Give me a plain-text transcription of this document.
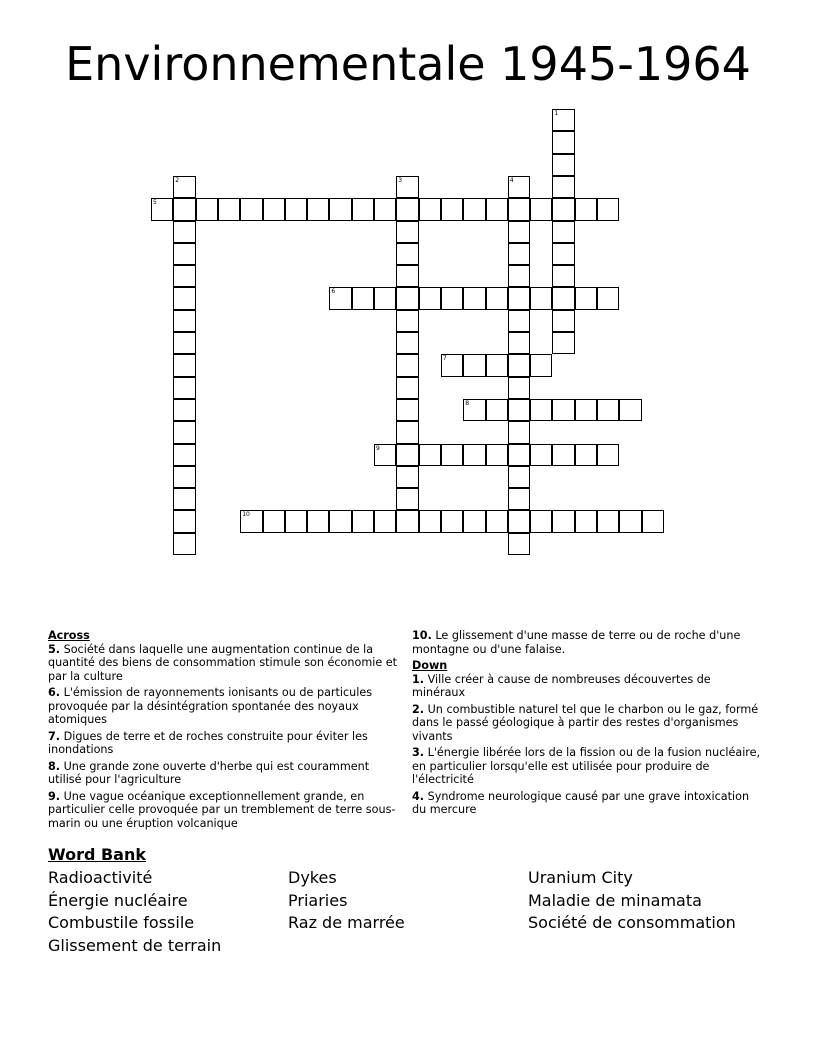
Environnementale 1945-1964
1
2	3	4
5
6
7
8
9
10
Across
5. Société dans laquelle une augmentation continue de la quantité des biens de consommation stimule son économie et par la culture
6. L'émission de rayonnements ionisants ou de particules provoquée par la désintégration spontanée des noyaux atomiques
7. Digues de terre et de roches construite pour éviter les inondations
8. Une grande zone ouverte d'herbe qui est couramment utilisé pour l'agriculture
9. Une vague océanique exceptionnellement grande, en particulier celle provoquée par un tremblement de terre sous-marin ou une éruption volcanique
10. Le glissement d'une masse de terre ou de roche d'une montagne ou d'une falaise.
Down
1. Ville créer à cause de nombreuses découvertes de minéraux
2. Un combustible naturel tel que le charbon ou le gaz, formé dans le passé géologique à partir des restes d'organismes vivants
3. L'énergie libérée lors de la fission ou de la fusion nucléaire, en particulier lorsqu'elle est utilisée pour produire de l'électricité
4. Syndrome neurologique causé par une grave intoxication du mercure
Word Bank
Radioactivité
Énergie nucléaire
Combustile fossile
Glissement de terrain
Dykes
Priaries
Raz de marrée
Uranium City
Maladie de minamata
Société de consommation
